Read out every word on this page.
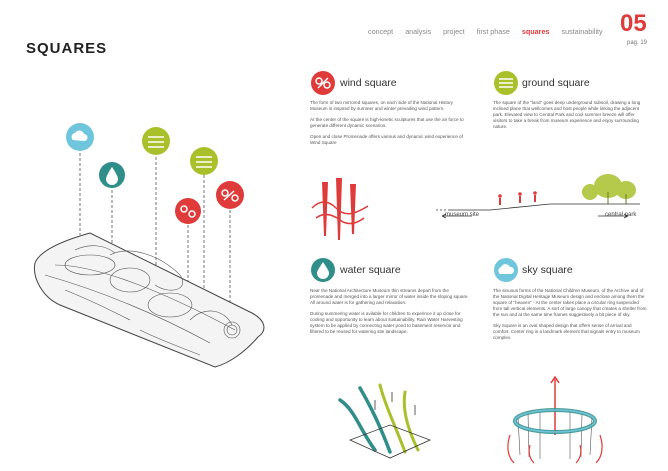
SQUARES
concept analysis project first phase squares sustainability 05
pag. 19
wind square

The form of two mirrored squares, on each side of the National History Museum is inspired by summer and winter prevailing wind pattern.

At the center of the square is high-kinetic sculptures that use the air force to generate different dynamic scenarios.

Open and close Promenade offers various and dynamic wind experience of Wind Square

ground square

The square of the "land" goes deep underground subsoil, drawing a long inclined plane that wellcomes and host people while linking the adjacent park. Elevated view to Central Park and cool summer breeze will offer visitors to take a break from museum experience and enjoy surrounding nature.

museum site	central park
water square

Near the National Architecture Museum thin streams depart from the promenade and merged into a larger mirror of water inside the sloping square. All around water is for gathering and relaxation.

During summering water is avilable for children to experince it up close for cooling and opportunity to learn about sustainability. Rain Water Harvesting system to be applied by connecting water pond to basement reservoir and filtered to be reused for watering site landscape.

sky square

The sinuous forms of the National Children Museum, of the Archive and of the National Digital Heritage Museum design and enclose among them the square of "heaven" - At the center takes place a circular ring suspended from tall vertical elements. A sort of large canopy that creates a shelter from the sun and at the same time frames suggestively a bit piece of sky.

Sky Square is an oval shaped design that offers sense of arrival and comfort. Center ring is a landmark element that signals entry to museum complex.
